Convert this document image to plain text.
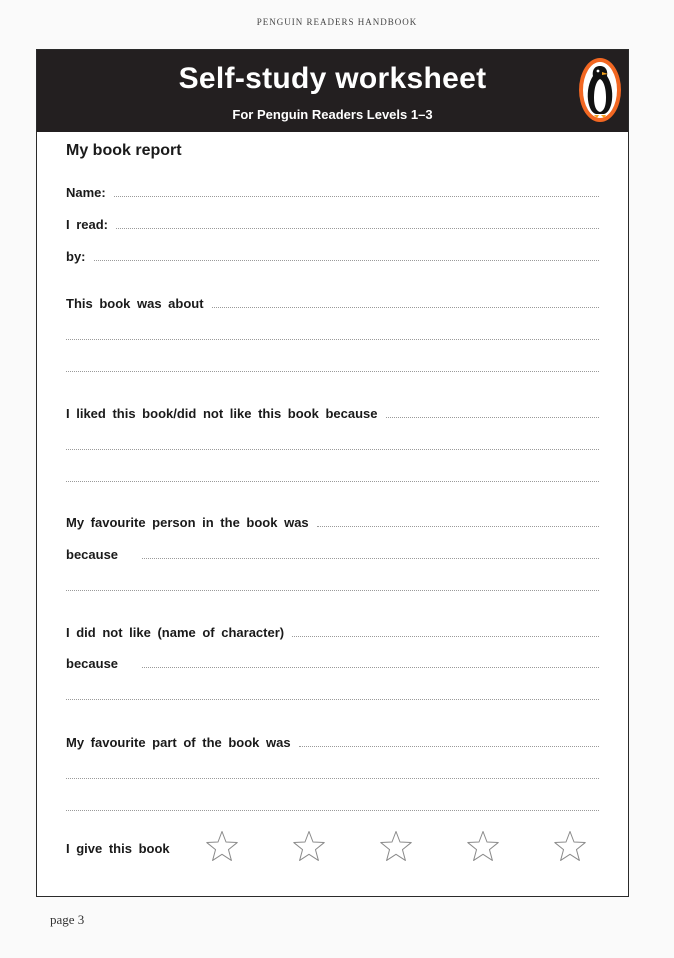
PENGUIN READERS HANDBOOK
Self-study worksheet
For Penguin Readers Levels 1–3
My book report
Name:
I read:
by:
This book was about
I liked this book/did not like this book because
My favourite person in the book was
because
I did not like (name of character)
because
My favourite part of the book was
I give this book
page 3
